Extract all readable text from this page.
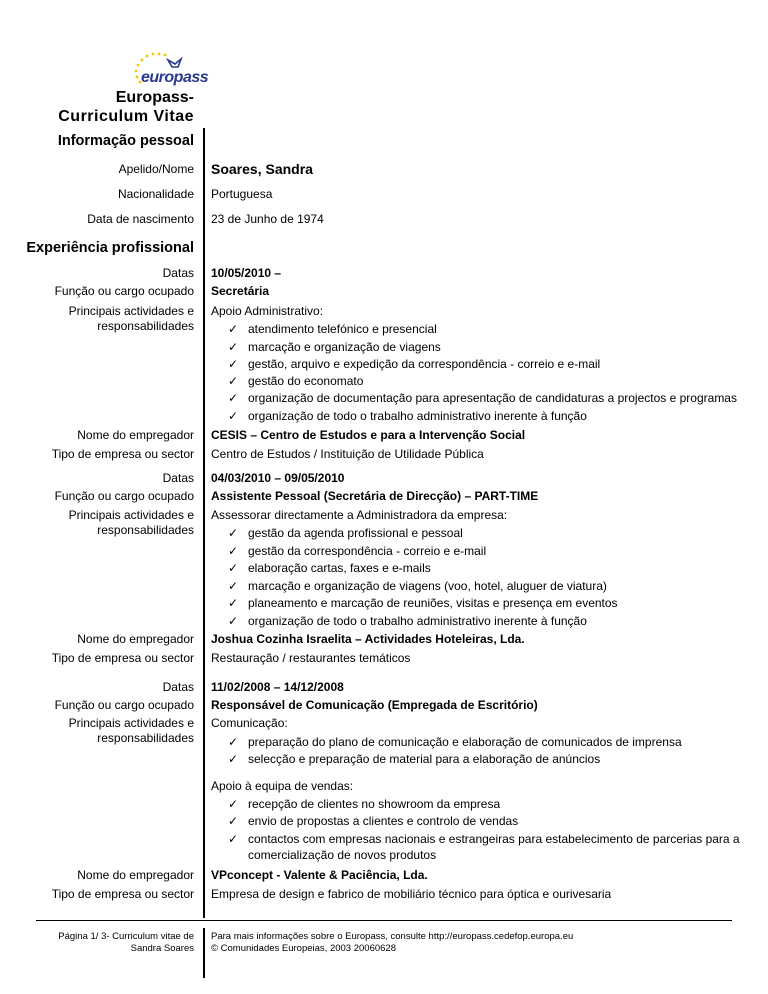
europass
Europass-
Curriculum Vitae
Informação pessoal
Apelido/Nome Soares, Sandra
Nacionalidade Portuguesa
Data de nascimento 23 de Junho de 1974
Experiência profissional
Datas 10/05/2010 –
Função ou cargo ocupado Secretária
Principais actividades e
responsabilidades
Apoio Administrativo:
✓ atendimento telefónico e presencial
✓ marcação e organização de viagens
✓ gestão, arquivo e expedição da correspondência - correio e e-mail
✓ gestão do economato
✓ organização de documentação para apresentação de candidaturas a projectos e programas
✓ organização de todo o trabalho administrativo inerente à função
Nome do empregador CESIS – Centro de Estudos e para a Intervenção Social
Tipo de empresa ou sector Centro de Estudos / Instituição de Utilidade Pública
Datas 04/03/2010 – 09/05/2010
Função ou cargo ocupado Assistente Pessoal (Secretária de Direcção) – PART-TIME
Principais actividades e
responsabilidades
Assessorar directamente a Administradora da empresa:
✓ gestão da agenda profissional e pessoal
✓ gestão da correspondência - correio e e-mail
✓ elaboração cartas, faxes e e-mails
✓ marcação e organização de viagens (voo, hotel, aluguer de viatura)
✓ planeamento e marcação de reuniões, visitas e presença em eventos
✓ organização de todo o trabalho administrativo inerente à função
Nome do empregador Joshua Cozinha Israelita – Actividades Hoteleiras, Lda.
Tipo de empresa ou sector Restauração / restaurantes temáticos
Datas 11/02/2008 – 14/12/2008
Função ou cargo ocupado Responsável de Comunicação (Empregada de Escritório)
Principais actividades e
responsabilidades
Comunicação:
✓ preparação do plano de comunicação e elaboração de comunicados de imprensa
✓ selecção e preparação de material para a elaboração de anúncios
Apoio à equipa de vendas:
✓ recepção de clientes no showroom da empresa
✓ envio de propostas a clientes e controlo de vendas
✓ contactos com empresas nacionais e estrangeiras para estabelecimento de parcerias para a
comercialização de novos produtos
Nome do empregador VPconcept - Valente & Paciência, Lda.
Tipo de empresa ou sector Empresa de design e fabrico de mobiliário técnico para óptica e ourivesaria
Página 1/ 3- Curriculum vitae de
Sandra Soares
Para mais informações sobre o Europass, consulte http://europass.cedefop.europa.eu
© Comunidades Europeias, 2003 20060628
